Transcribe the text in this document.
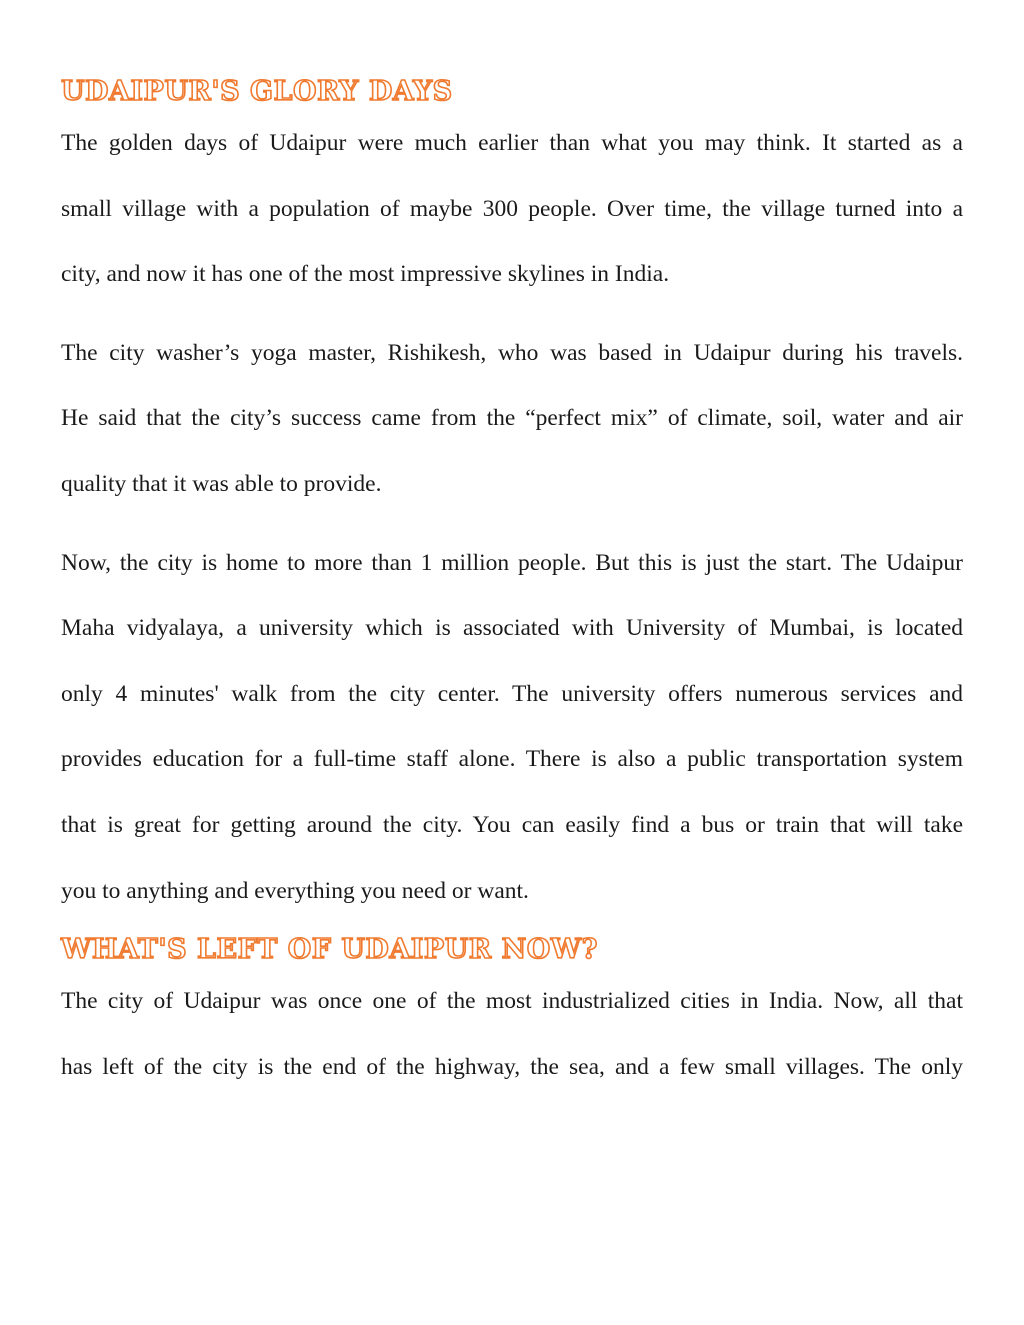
UDAIPUR'S GLORY DAYS
The golden days of Udaipur were much earlier than what you may think. It started as a
small village with a population of maybe 300 people. Over time, the village turned into a
city, and now it has one of the most impressive skylines in India.
The city washer’s yoga master, Rishikesh, who was based in Udaipur during his travels.
He said that the city’s success came from the “perfect mix” of climate, soil, water and air
quality that it was able to provide.
Now, the city is home to more than 1 million people. But this is just the start. The Udaipur
Maha vidyalaya, a university which is associated with University of Mumbai, is located
only 4 minutes' walk from the city center. The university offers numerous services and
provides education for a full-time staff alone. There is also a public transportation system
that is great for getting around the city. You can easily find a bus or train that will take
you to anything and everything you need or want.
WHAT'S LEFT OF UDAIPUR NOW?
The city of Udaipur was once one of the most industrialized cities in India. Now, all that
has left of the city is the end of the highway, the sea, and a few small villages. The only
